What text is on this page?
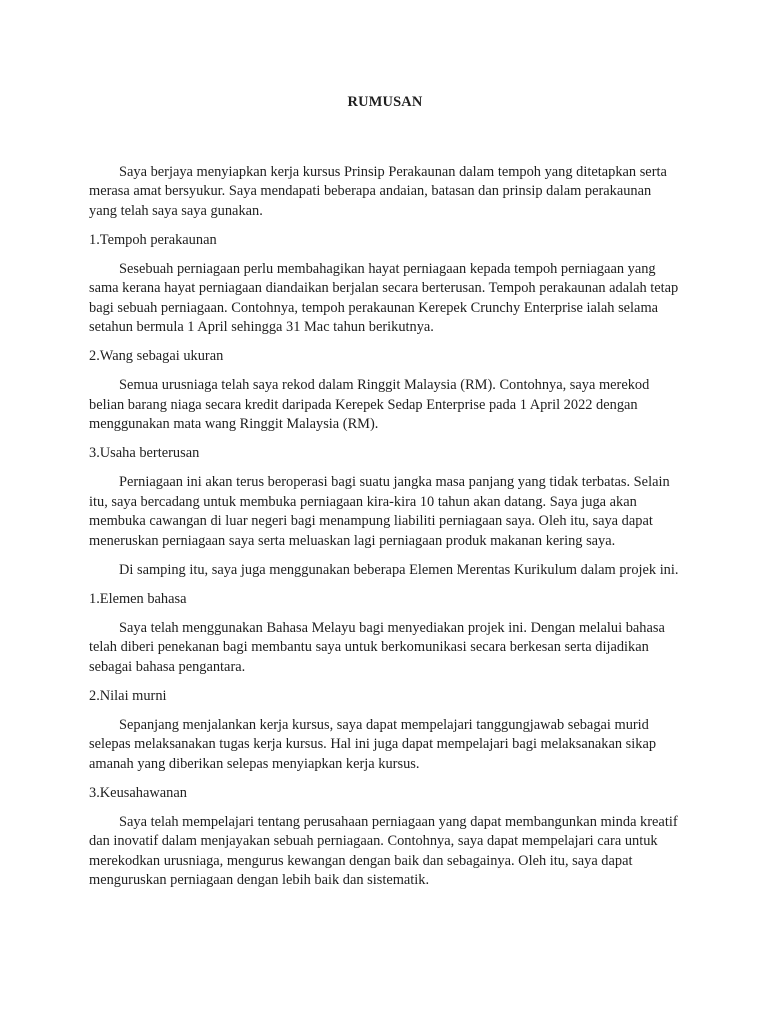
RUMUSAN

Saya berjaya menyiapkan kerja kursus Prinsip Perakaunan dalam tempoh yang ditetapkan serta merasa amat bersyukur. Saya mendapati beberapa andaian, batasan dan prinsip dalam perakaunan yang telah saya saya gunakan.

1.Tempoh perakaunan

Sesebuah perniagaan perlu membahagikan hayat perniagaan kepada tempoh perniagaan yang sama kerana hayat perniagaan diandaikan berjalan secara berterusan. Tempoh perakaunan adalah tetap bagi sebuah perniagaan. Contohnya, tempoh perakaunan Kerepek Crunchy Enterprise ialah selama setahun bermula 1 April sehingga 31 Mac tahun berikutnya.

2.Wang sebagai ukuran

Semua urusniaga telah saya rekod dalam Ringgit Malaysia (RM). Contohnya, saya merekod belian barang niaga secara kredit daripada Kerepek Sedap Enterprise pada 1 April 2022 dengan menggunakan mata wang Ringgit Malaysia (RM).

3.Usaha berterusan

Perniagaan ini akan terus beroperasi bagi suatu jangka masa panjang yang tidak terbatas. Selain itu, saya bercadang untuk membuka perniagaan kira-kira 10 tahun akan datang. Saya juga akan membuka cawangan di luar negeri bagi menampung liabiliti perniagaan saya. Oleh itu, saya dapat meneruskan perniagaan saya serta meluaskan lagi perniagaan produk makanan kering saya.

Di samping itu, saya juga menggunakan beberapa Elemen Merentas Kurikulum dalam projek ini.

1.Elemen bahasa

Saya telah menggunakan Bahasa Melayu bagi menyediakan projek ini. Dengan melalui bahasa telah diberi penekanan bagi membantu saya untuk berkomunikasi secara berkesan serta dijadikan sebagai bahasa pengantara.

2.Nilai murni

Sepanjang menjalankan kerja kursus, saya dapat mempelajari tanggungjawab sebagai murid selepas melaksanakan tugas kerja kursus. Hal ini juga dapat mempelajari bagi melaksanakan sikap amanah yang diberikan selepas menyiapkan kerja kursus.

3.Keusahawanan

Saya telah mempelajari tentang perusahaan perniagaan yang dapat membangunkan minda kreatif dan inovatif dalam menjayakan sebuah perniagaan. Contohnya, saya dapat mempelajari cara untuk merekodkan urusniaga, mengurus kewangan dengan baik dan sebagainya. Oleh itu, saya dapat menguruskan perniagaan dengan lebih baik dan sistematik.
